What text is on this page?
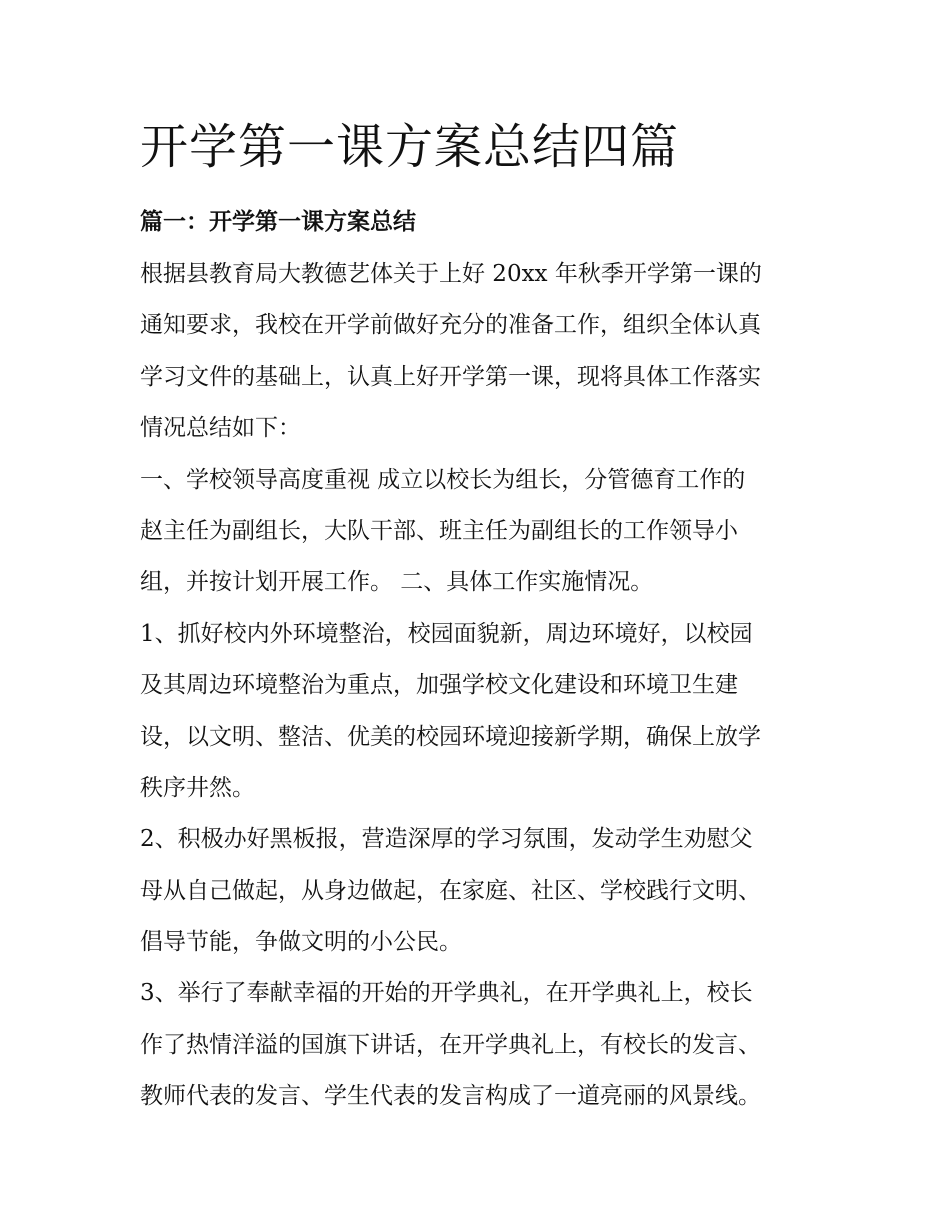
开学第一课方案总结四篇
篇一：开学第一课方案总结
根据县教育局大教德艺体关于上好 20xx 年秋季开学第一课的
通知要求，我校在开学前做好充分的准备工作，组织全体认真
学习文件的基础上，认真上好开学第一课，现将具体工作落实
情况总结如下：
一、学校领导高度重视 成立以校长为组长，分管德育工作的
赵主任为副组长，大队干部、班主任为副组长的工作领导小
组，并按计划开展工作。 二、具体工作实施情况。
1、抓好校内外环境整治，校园面貌新，周边环境好，以校园
及其周边环境整治为重点，加强学校文化建设和环境卫生建
设，以文明、整洁、优美的校园环境迎接新学期，确保上放学
秩序井然。
2、积极办好黑板报，营造深厚的学习氛围，发动学生劝慰父
母从自己做起，从身边做起，在家庭、社区、学校践行文明、
倡导节能，争做文明的小公民。
3、举行了奉献幸福的开始的开学典礼，在开学典礼上，校长
作了热情洋溢的国旗下讲话，在开学典礼上，有校长的发言、
教师代表的发言、学生代表的发言构成了一道亮丽的风景线。
